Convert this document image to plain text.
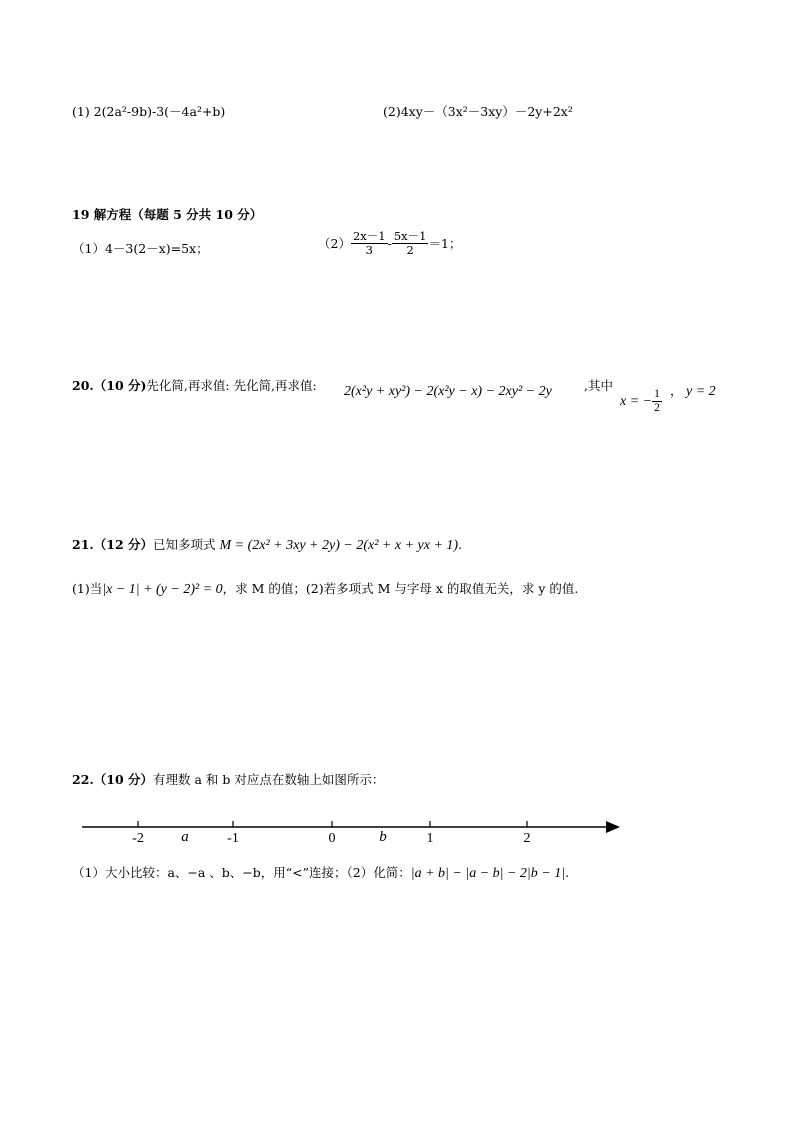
(1) 2(2a²-9b)-3(－4a²+b)	(2)4xy－（3x²－3xy）－2y+2x²
19 解方程（每题 5 分共 10 分）
（1）4－3(2－x)=5x；	$(2) \frac{2x-1}{3} - \frac{5x-1}{2} =1$；
20.（10 分)先化简,再求值: 先化简,再求值: 2(x²y + xy²) − 2(x²y − x) − 2xy² − 2y	,其中
x = − $\frac{1}{2}$ ， y = 2
21.（12 分）已知多项式 M = (2x² + 3xy + 2y) − 2(x² + x + yx + 1).
(1)当|x − 1| + (y − 2)² = 0，求 M 的值；(2)若多项式 M 与字母 x 的取值无关，求 y 的值.
22.（10 分）有理数 a 和 b 对应点在数轴上如图所示：
-2	-1	0	1	2
a	b
（1）大小比较：a、−a 、b、−b，用“<”连接；（2）化简：|a + b| − |a − b| − 2|b − 1|.
